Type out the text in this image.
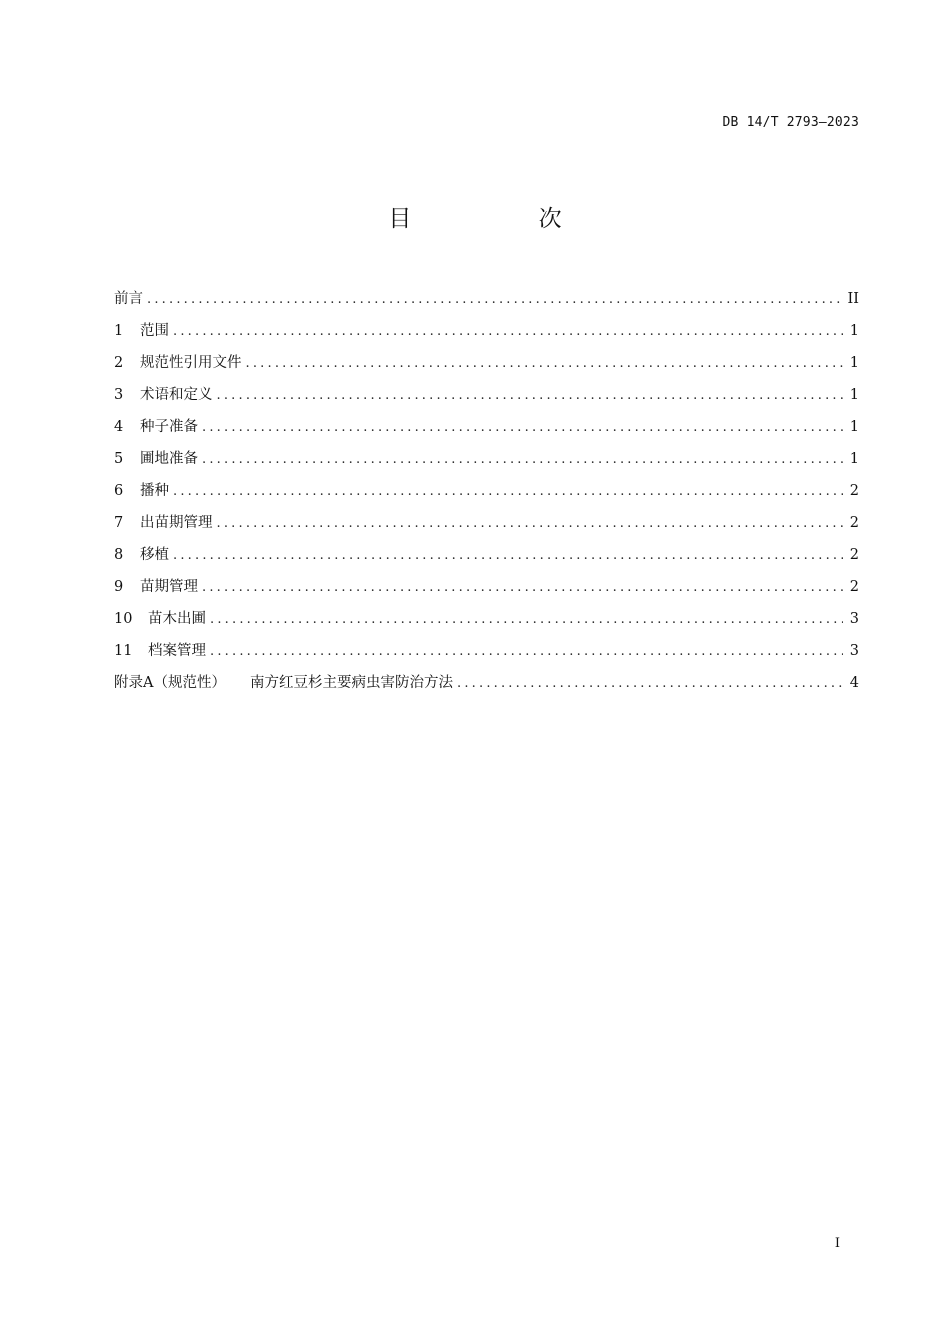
DB 14/T 2793—2023
目 次
前言 .....	II
1	范围 .....	1
2	规范性引用文件 .....	1
3	术语和定义 .....	1
4	种子准备 .....	1
5	圃地准备 .....	1
6	播种 .....	2
7	出苗期管理 .....	2
8	移植 .....	2
9	苗期管理 .....	2
10	苗木出圃 .....	3
11	档案管理 .....	3
附录A（规范性） 南方红豆杉主要病虫害防治方法 .....	4
I
